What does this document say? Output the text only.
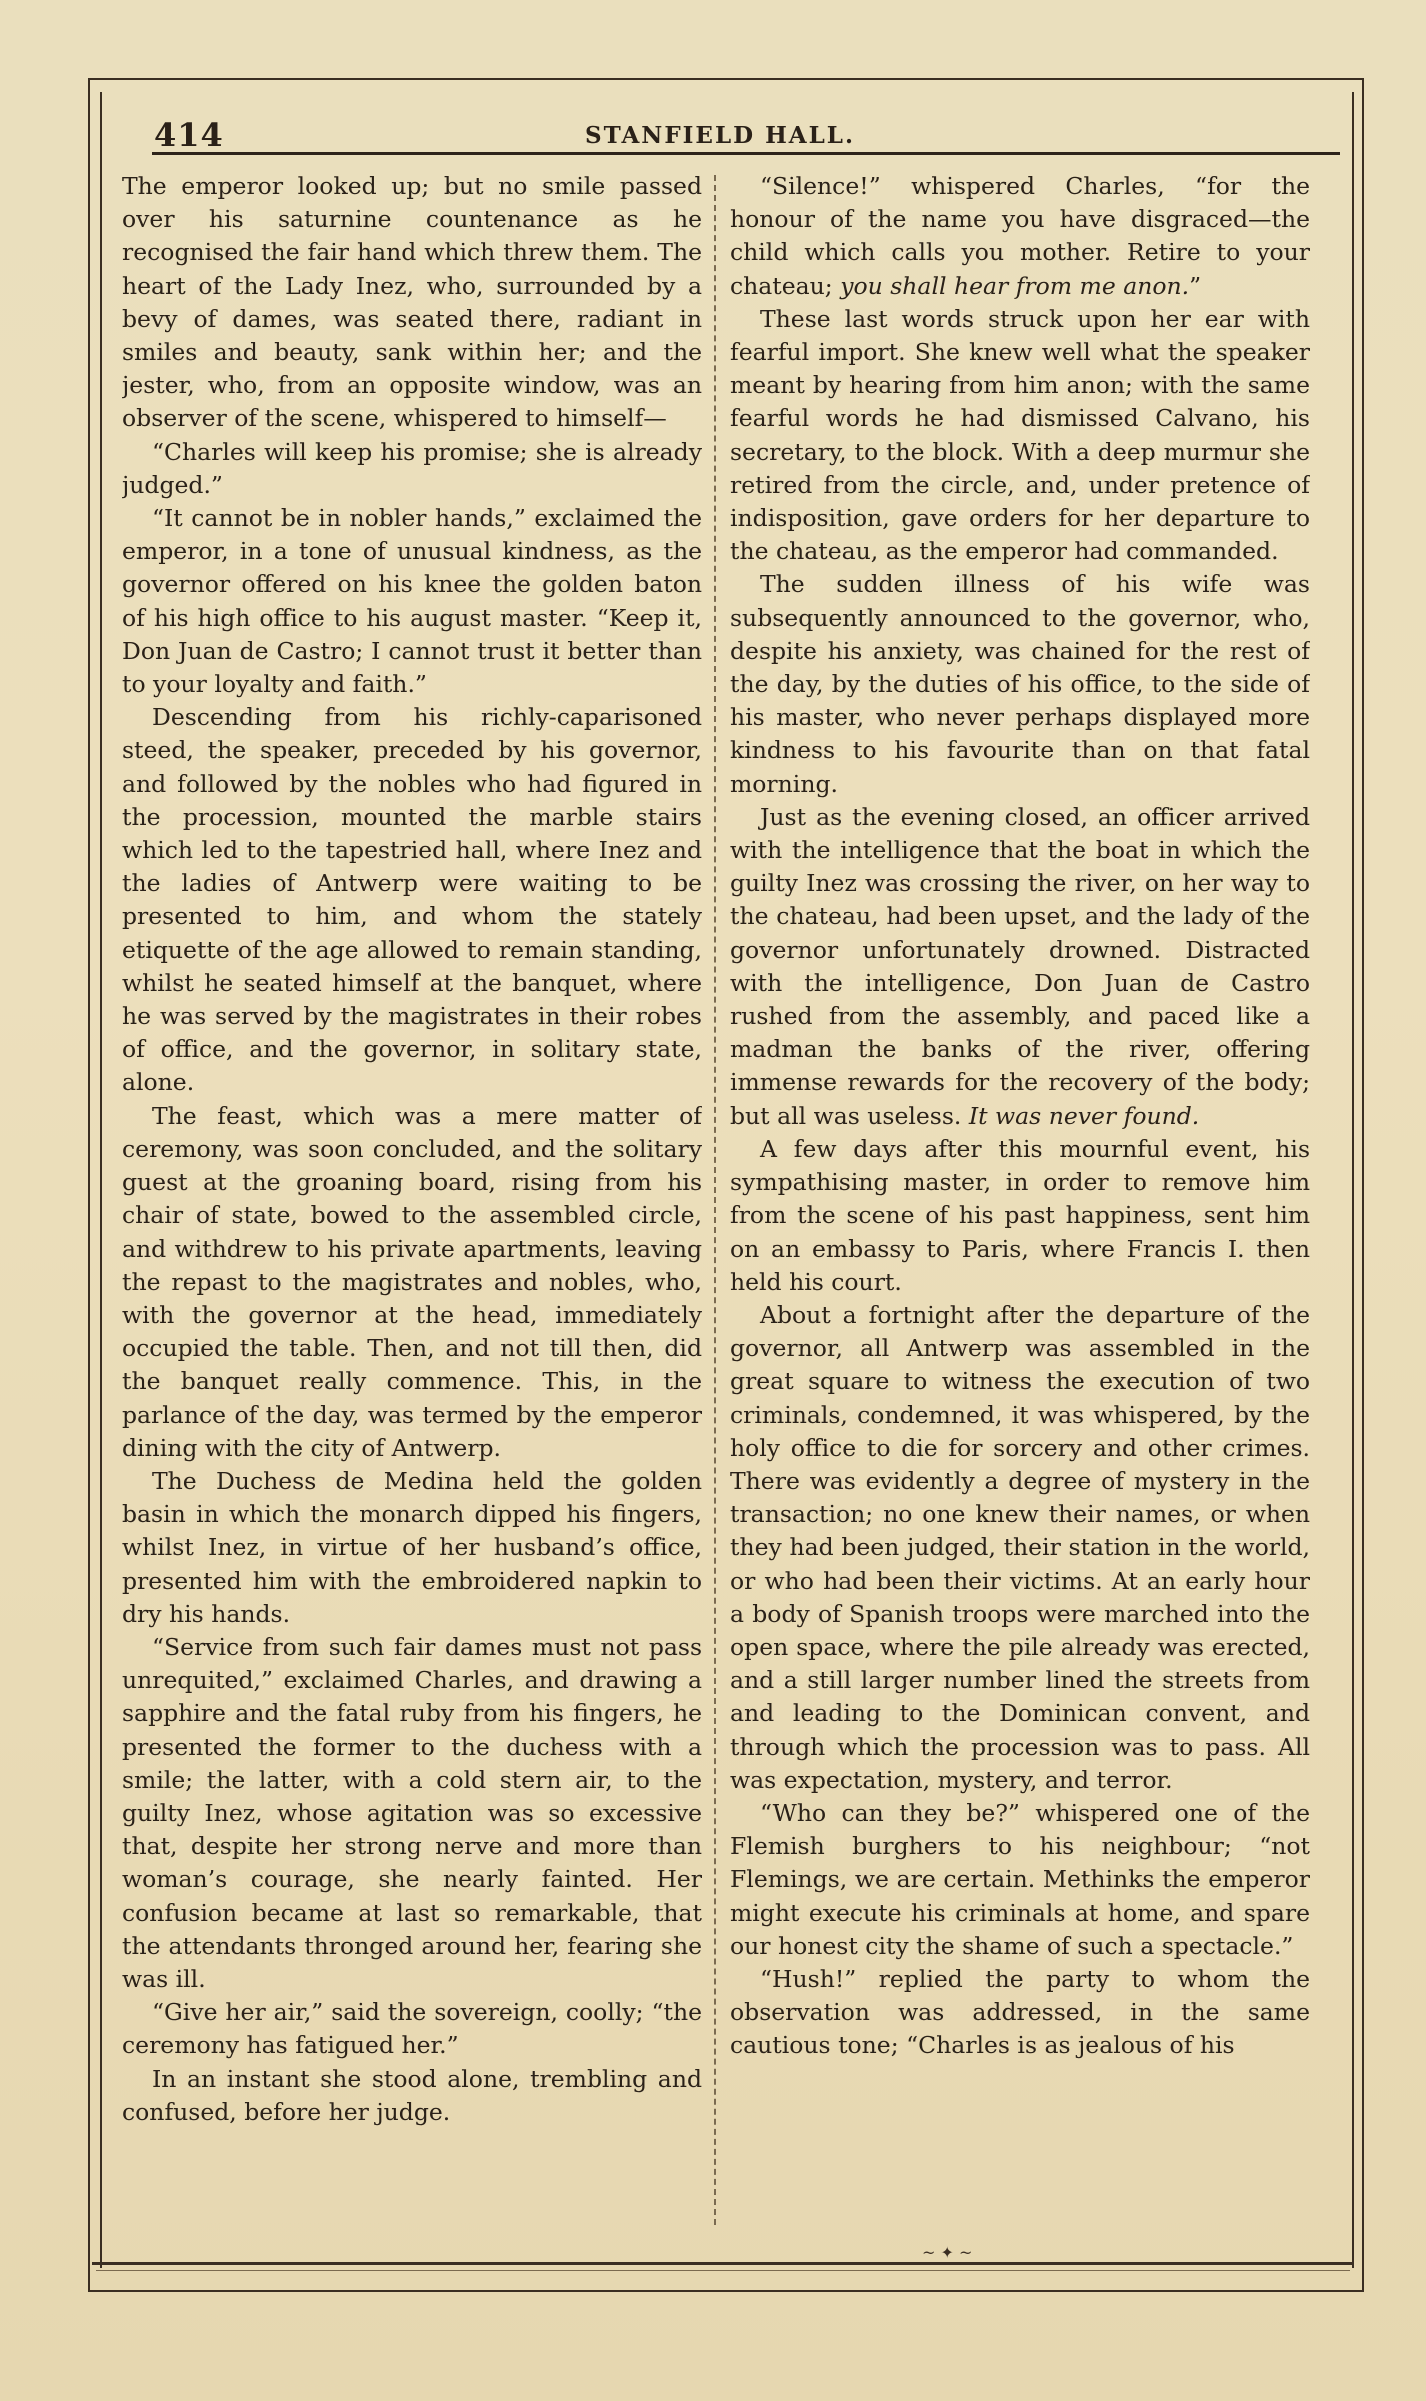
414	STANFIELD HALL.

The emperor looked up; but no smile passed over his saturnine countenance as he recognised the fair hand which threw them. The heart of the Lady Inez, who, surrounded by a bevy of dames, was seated there, radiant in smiles and beauty, sank within her; and the jester, who, from an opposite window, was an observer of the scene, whispered to himself—

“Charles will keep his promise; she is already judged.”

“It cannot be in nobler hands,” exclaimed the emperor, in a tone of unusual kindness, as the governor offered on his knee the golden baton of his high office to his august master. “Keep it, Don Juan de Castro; I cannot trust it better than to your loyalty and faith.”

Descending from his richly-caparisoned steed, the speaker, preceded by his governor, and followed by the nobles who had figured in the procession, mounted the marble stairs which led to the tapestried hall, where Inez and the ladies of Antwerp were waiting to be presented to him, and whom the stately etiquette of the age allowed to remain standing, whilst he seated himself at the banquet, where he was served by the magistrates in their robes of office, and the governor, in solitary state, alone.

The feast, which was a mere matter of ceremony, was soon concluded, and the solitary guest at the groaning board, rising from his chair of state, bowed to the assembled circle, and withdrew to his private apartments, leaving the repast to the magistrates and nobles, who, with the governor at the head, immediately occupied the table. Then, and not till then, did the banquet really commence. This, in the parlance of the day, was termed by the emperor dining with the city of Antwerp.

The Duchess de Medina held the golden basin in which the monarch dipped his fingers, whilst Inez, in virtue of her husband’s office, presented him with the embroidered napkin to dry his hands.

“Service from such fair dames must not pass unrequited,” exclaimed Charles, and drawing a sapphire and the fatal ruby from his fingers, he presented the former to the duchess with a smile; the latter, with a cold stern air, to the guilty Inez, whose agitation was so excessive that, despite her strong nerve and more than woman’s courage, she nearly fainted. Her confusion became at last so remarkable, that the attendants thronged around her, fearing she was ill.

“Give her air,” said the sovereign, coolly; “the ceremony has fatigued her.”

In an instant she stood alone, trembling and confused, before her judge.

“Silence!” whispered Charles, “for the honour of the name you have disgraced—the child which calls you mother. Retire to your chateau; you shall hear from me anon.”

These last words struck upon her ear with fearful import. She knew well what the speaker meant by hearing from him anon; with the same fearful words he had dismissed Calvano, his secretary, to the block. With a deep murmur she retired from the circle, and, under pretence of indisposition, gave orders for her departure to the chateau, as the emperor had commanded.

The sudden illness of his wife was subsequently announced to the governor, who, despite his anxiety, was chained for the rest of the day, by the duties of his office, to the side of his master, who never perhaps displayed more kindness to his favourite than on that fatal morning.

Just as the evening closed, an officer arrived with the intelligence that the boat in which the guilty Inez was crossing the river, on her way to the chateau, had been upset, and the lady of the governor unfortunately drowned. Distracted with the intelligence, Don Juan de Castro rushed from the assembly, and paced like a madman the banks of the river, offering immense rewards for the recovery of the body; but all was useless. It was never found.

A few days after this mournful event, his sympathising master, in order to remove him from the scene of his past happiness, sent him on an embassy to Paris, where Francis I. then held his court.

About a fortnight after the departure of the governor, all Antwerp was assembled in the great square to witness the execution of two criminals, condemned, it was whispered, by the holy office to die for sorcery and other crimes. There was evidently a degree of mystery in the transaction; no one knew their names, or when they had been judged, their station in the world, or who had been their victims. At an early hour a body of Spanish troops were marched into the open space, where the pile already was erected, and a still larger number lined the streets from and leading to the Dominican convent, and through which the procession was to pass. All was expectation, mystery, and terror.

“Who can they be?” whispered one of the Flemish burghers to his neighbour; “not Flemings, we are certain. Methinks the emperor might execute his criminals at home, and spare our honest city the shame of such a spectacle.”

“Hush!” replied the party to whom the observation was addressed, in the same cautious tone; “Charles is as jealous of his

~ ✦ ~
